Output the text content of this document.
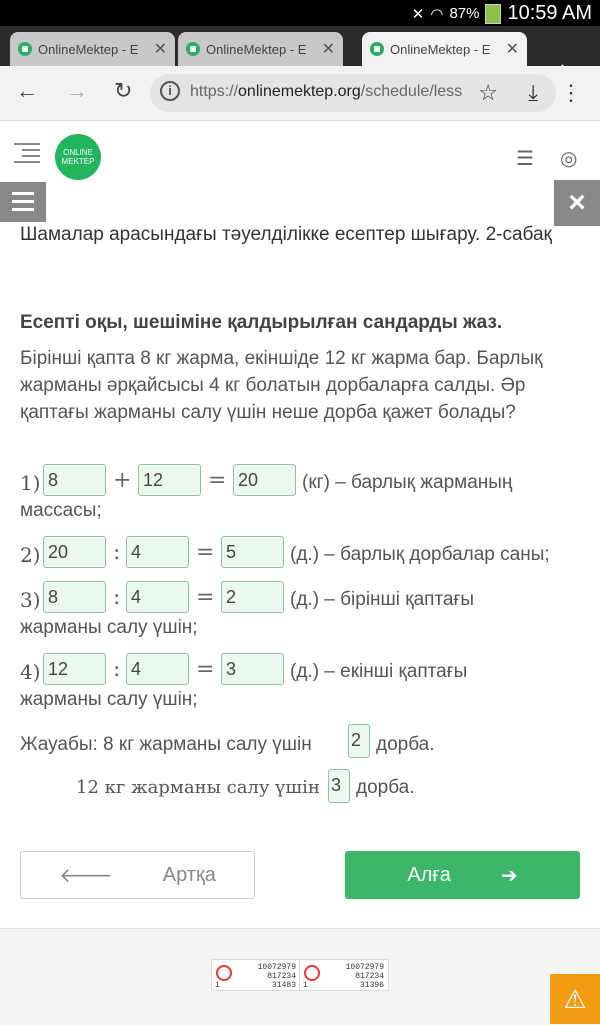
✕ ◠ 87% 10:59 AM
OnlineMektep - E ✕	OnlineMektep - E ✕	OnlineMektep - E ✕
← → ↻	i	https://onlinemektep.org/schedule/less ☆ ⤓ ⋮
ONLINE
MEKTEP	☰ ◎
×
Шамалар арасындағы тәуелділікке есептер шығару. 2-сабақ
Есепті оқы, шешіміне қалдырылған сандарды жаз.
Бірінші қапта 8 кг жарма, екіншіде 12 кг жарма бар. Барлық жарманы әрқайсысы 4 кг болатын дорбаларға салды. Әр қаптағы жарманы салу үшін неше дорба қажет болады?
1) 8	+ 12	= 20	(кг) – барлық жарманың
массасы;
2) 20	: 4	= 5	(д.) – барлық дорбалар саны;
3) 8	: 4	= 2	(д.) – бірінші қаптағы
жарманы салу үшін;
4) 12	: 4	= 3	(д.) – екінші қаптағы
жарманы салу үшін;
Жауабы: 8 кг жарманы салу үшін 2 дорба.
12 кг жарманы салу үшін 3 дорба.
🡐	Артқа	Алға	➔
10072979
817234
31483
1
10072979
817234
31396
1	⚠
